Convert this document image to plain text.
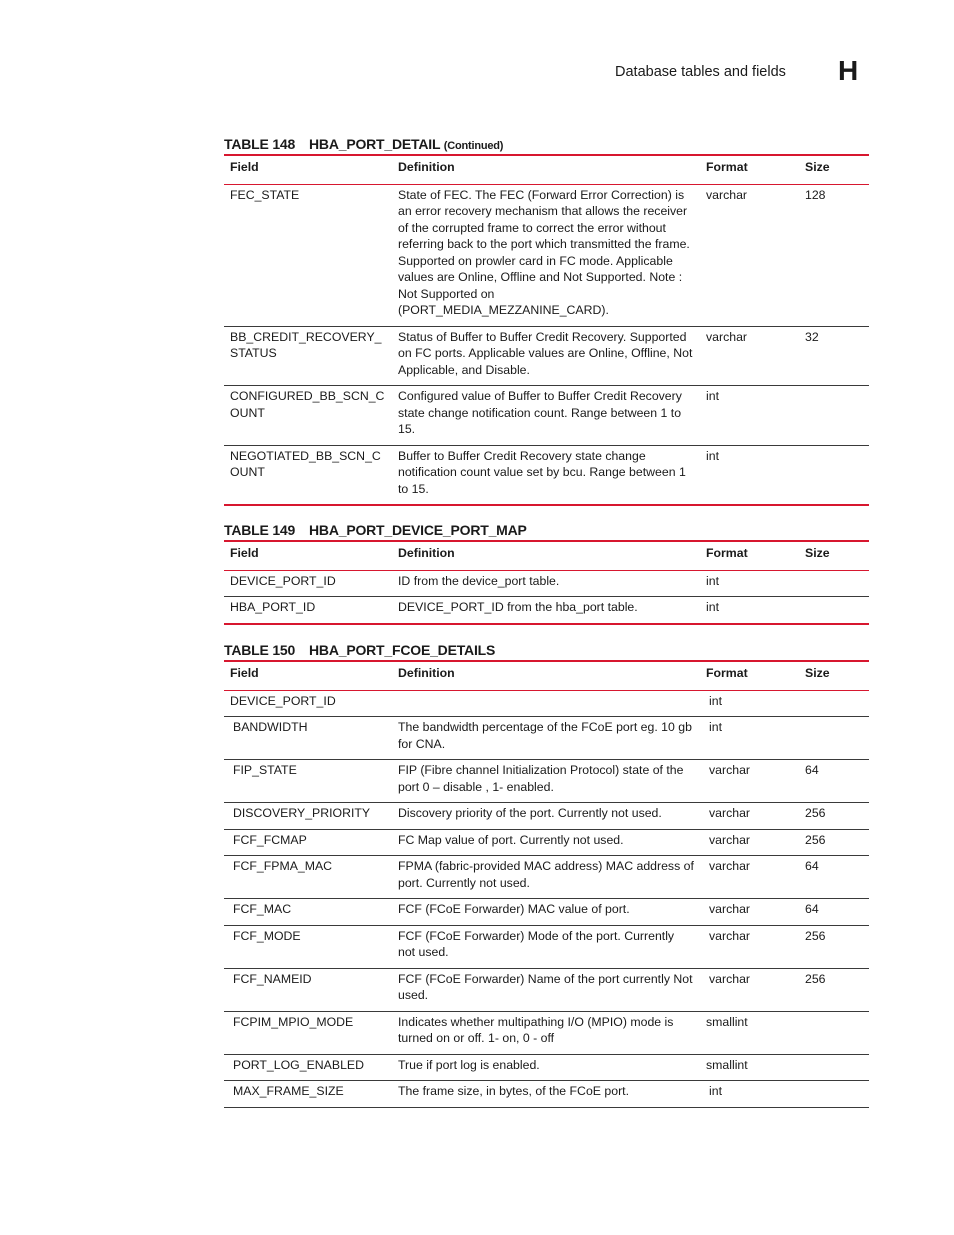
Database tables and fields H
TABLE 148 HBA_PORT_DETAIL (Continued)
Field	Definition	Format	Size
FEC_STATE	State of FEC. The FEC (Forward Error Correction) is an error recovery mechanism that allows the receiver of the corrupted frame to correct the error without referring back to the port which transmitted the frame. Supported on prowler card in FC mode. Applicable values are Online, Offline and Not Supported. Note : Not Supported on (PORT_MEDIA_MEZZANINE_CARD).	varchar	128
BB_CREDIT_RECOVERY_STATUS	Status of Buffer to Buffer Credit Recovery. Supported on FC ports. Applicable values are Online, Offline, Not Applicable, and Disable.	varchar	32
CONFIGURED_BB_SCN_COUNT	Configured value of Buffer to Buffer Credit Recovery state change notification count. Range between 1 to 15.	int	
NEGOTIATED_BB_SCN_COUNT	Buffer to Buffer Credit Recovery state change notification count value set by bcu. Range between 1 to 15.	int	
TABLE 149 HBA_PORT_DEVICE_PORT_MAP
Field	Definition	Format	Size
DEVICE_PORT_ID	ID from the device_port table.	int	
HBA_PORT_ID	DEVICE_PORT_ID from the hba_port table.	int	
TABLE 150 HBA_PORT_FCOE_DETAILS
Field	Definition	Format	Size
DEVICE_PORT_ID		int	
BANDWIDTH	The bandwidth percentage of the FCoE port eg. 10 gb for CNA.	int	
FIP_STATE	FIP (Fibre channel Initialization Protocol) state of the port 0 – disable , 1- enabled.	varchar	64
DISCOVERY_PRIORITY	Discovery priority of the port. Currently not used.	varchar	256
FCF_FCMAP	FC Map value of port. Currently not used.	varchar	256
FCF_FPMA_MAC	FPMA (fabric-provided MAC address) MAC address of port. Currently not used.	varchar	64
FCF_MAC	FCF (FCoE Forwarder) MAC value of port.	varchar	64
FCF_MODE	FCF (FCoE Forwarder) Mode of the port. Currently not used.	varchar	256
FCF_NAMEID	FCF (FCoE Forwarder) Name of the port currently Not used.	varchar	256
FCPIM_MPIO_MODE	Indicates whether multipathing I/O (MPIO) mode is turned on or off. 1- on, 0 - off	smallint	
PORT_LOG_ENABLED	True if port log is enabled.	smallint	
MAX_FRAME_SIZE	The frame size, in bytes, of the FCoE port.	int	
